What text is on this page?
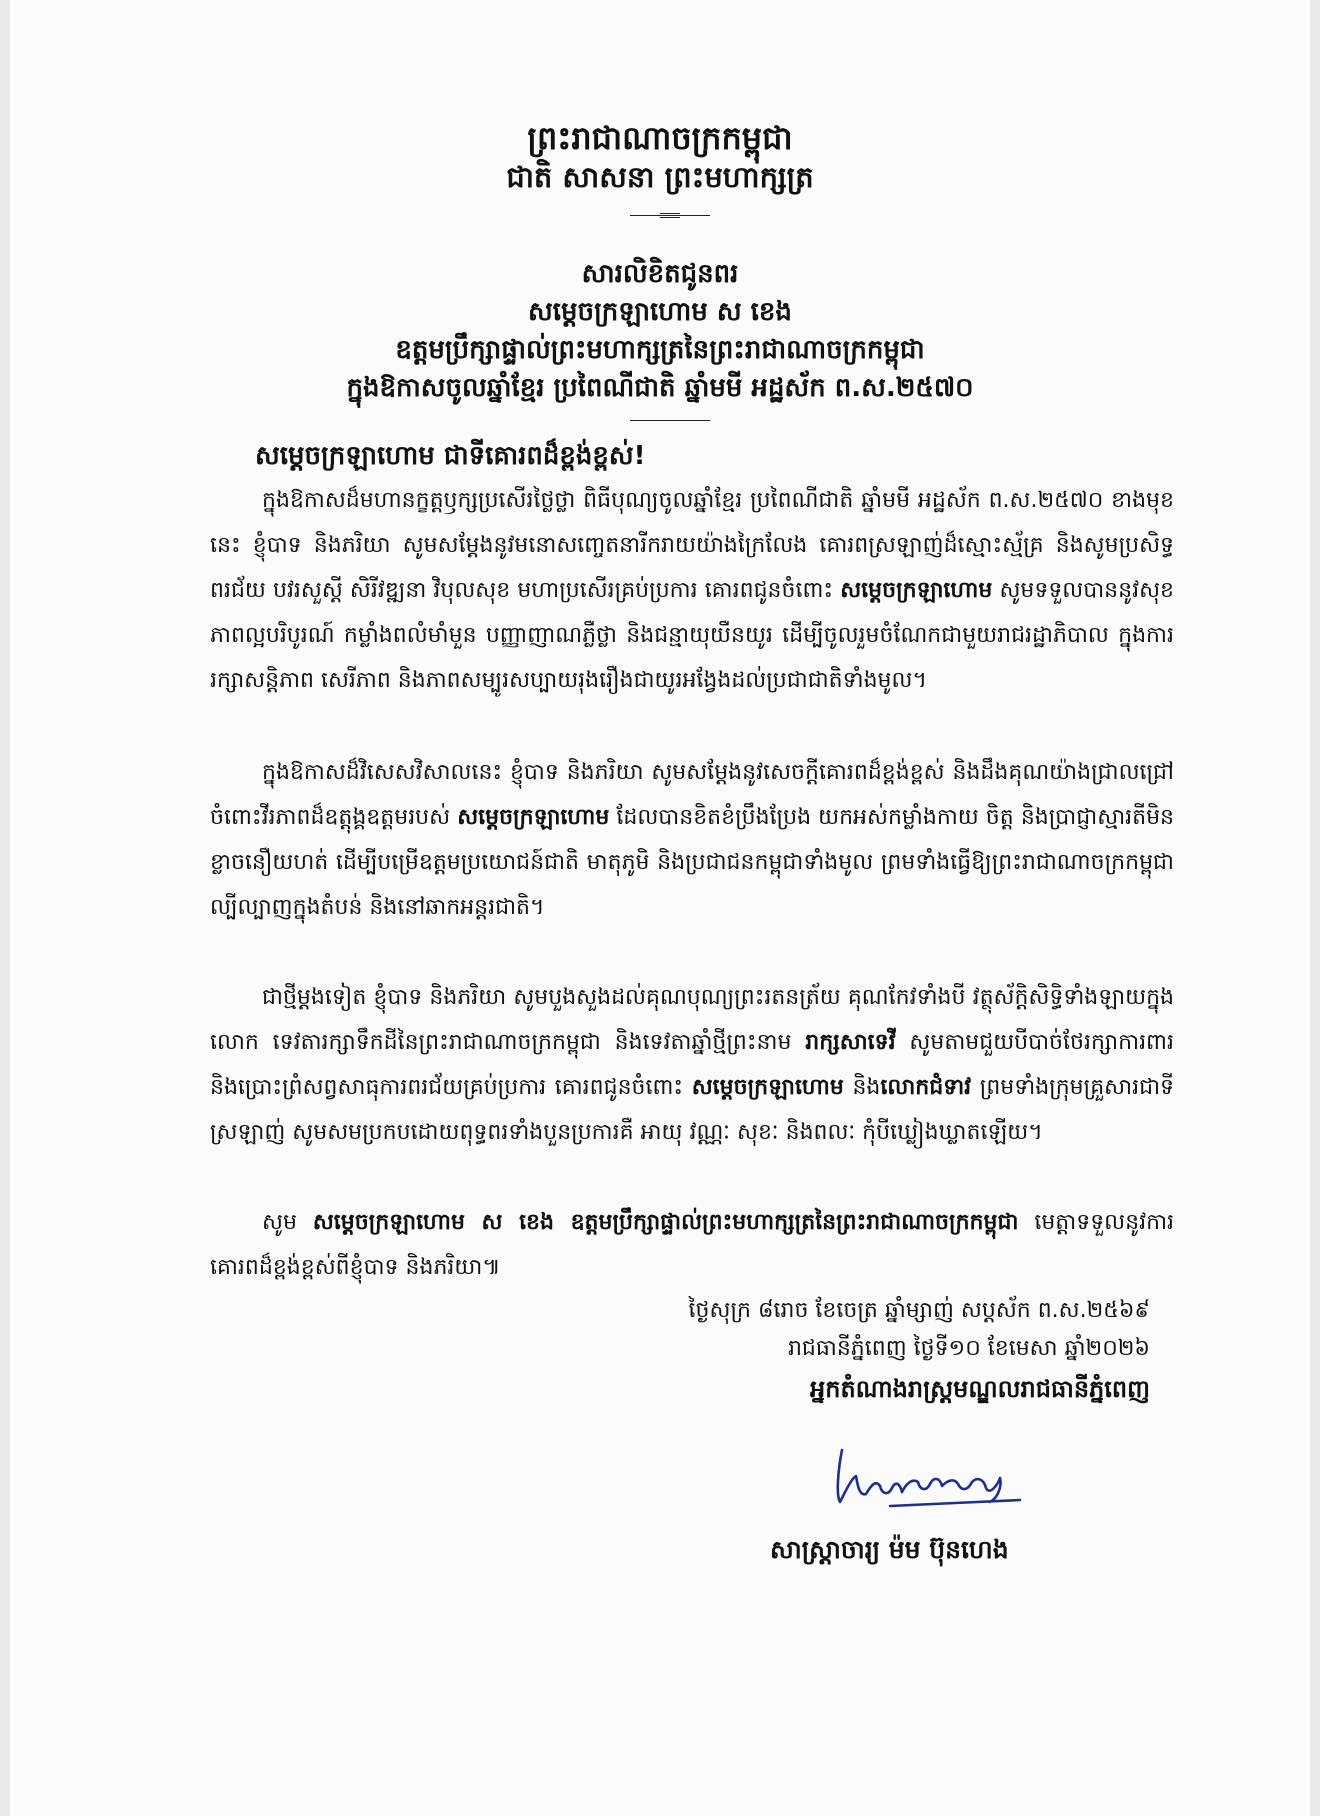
ព្រះរាជាណាចក្រកម្ពុជា
ជាតិ សាសនា ព្រះមហាក្សត្រ
សារលិខិតជូនពរ
សម្តេចក្រឡាហោម ស ខេង
ឧត្តមប្រឹក្សាផ្ទាល់ព្រះមហាក្សត្រនៃព្រះរាជាណាចក្រកម្ពុជា
ក្នុងឱកាសចូលឆ្នាំខ្មែរ ប្រពៃណីជាតិ ឆ្នាំមមី អដ្ឋស័ក ព.ស.២៥៧០
សម្តេចក្រឡាហោម ជាទីគោរពដ៏ខ្ពង់ខ្ពស់!
ក្នុងឱកាសដ៏មហានក្ខត្តឫក្សប្រសើរថ្លៃថ្លា ពិធីបុណ្យចូលឆ្នាំខ្មែរ ប្រពៃណីជាតិ ឆ្នាំមមី អដ្ឋស័ក ព.ស.២៥៧០ ខាងមុខនេះ ខ្ញុំបាទ និងភរិយា សូមសម្តែងនូវមនោសញ្ចេតនារីករាយយ៉ាងក្រៃលែង គោរពស្រឡាញ់ដ៏ស្មោះស្ម័គ្រ និងសូមប្រសិទ្ធពរជ័យ បវរសួស្តី សិរីវឌ្ឍនា វិបុលសុខ មហាប្រសើរគ្រប់ប្រការ គោរពជូនចំពោះ សម្តេចក្រឡាហោម សូមទទួលបាននូវសុខភាពល្អបរិបូរណ៍ កម្លាំងពលំមាំមួន បញ្ញាញាណភ្លឺថ្លា និងជន្មាយុយឺនយូរ ដើម្បីចូលរួមចំណែកជាមួយរាជរដ្ឋាភិបាល ក្នុងការរក្សាសន្តិភាព សេរីភាព និងភាពសម្បូរសប្បាយរុងរឿងជាយូរអង្វែងដល់ប្រជាជាតិទាំងមូល។
ក្នុងឱកាសដ៏វិសេសវិសាលនេះ ខ្ញុំបាទ និងភរិយា សូមសម្តែងនូវសេចក្តីគោរពដ៏ខ្ពង់ខ្ពស់ និងដឹងគុណយ៉ាងជ្រាលជ្រៅ ចំពោះវីរភាពដ៏ឧត្តុង្គឧត្តមរបស់ សម្តេចក្រឡាហោម ដែលបានខិតខំប្រឹងប្រែង យកអស់កម្លាំងកាយ ចិត្ត និងប្រាជ្ញាស្មារតីមិនខ្លាចនឿយហត់ ដើម្បីបម្រើឧត្តមប្រយោជន៍ជាតិ មាតុភូមិ និងប្រជាជនកម្ពុជាទាំងមូល ព្រមទាំងធ្វើឱ្យព្រះរាជាណាចក្រកម្ពុជាល្បីល្បាញក្នុងតំបន់ និងនៅឆាកអន្តរជាតិ។
ជាថ្មីម្តងទៀត ខ្ញុំបាទ និងភរិយា សូមបួងសួងដល់គុណបុណ្យព្រះរតនត្រ័យ គុណកែវទាំងបី វត្ថុស័ក្តិសិទ្ធិទាំងឡាយក្នុងលោក ទេវតារក្សាទឹកដីនៃព្រះរាជាណាចក្រកម្ពុជា និងទេវតាឆ្នាំថ្មីព្រះនាម រាក្សសាទេវី សូមតាមជួយបីបាច់ថែរក្សាការពារ និងប្រោះព្រំសព្វសាធុការពរជ័យគ្រប់ប្រការ គោរពជូនចំពោះ សម្តេចក្រឡាហោម និងលោកជំទាវ ព្រមទាំងក្រុមគ្រួសារជាទីស្រឡាញ់ សូមសមប្រកបដោយពុទ្ធពរទាំងបួនប្រការគឺ អាយុ វណ្ណៈ សុខៈ និងពលៈ កុំបីឃ្លៀងឃ្លាតឡើយ។
សូម សម្តេចក្រឡាហោម ស ខេង ឧត្តមប្រឹក្សាផ្ទាល់ព្រះមហាក្សត្រនៃព្រះរាជាណាចក្រកម្ពុជា មេត្តាទទួលនូវការគោរពដ៏ខ្ពង់ខ្ពស់ពីខ្ញុំបាទ និងភរិយា៕
ថ្ងៃសុក្រ ៨រោច ខែចេត្រ ឆ្នាំម្សាញ់ សប្តស័ក ព.ស.២៥៦៩
រាជធានីភ្នំពេញ ថ្ងៃទី១០ ខែមេសា ឆ្នាំ២០២៦
អ្នកតំណាងរាស្ត្រមណ្ឌលរាជធានីភ្នំពេញ
សាស្ត្រាចារ្យ ម៉ម ប៊ុនហេង
